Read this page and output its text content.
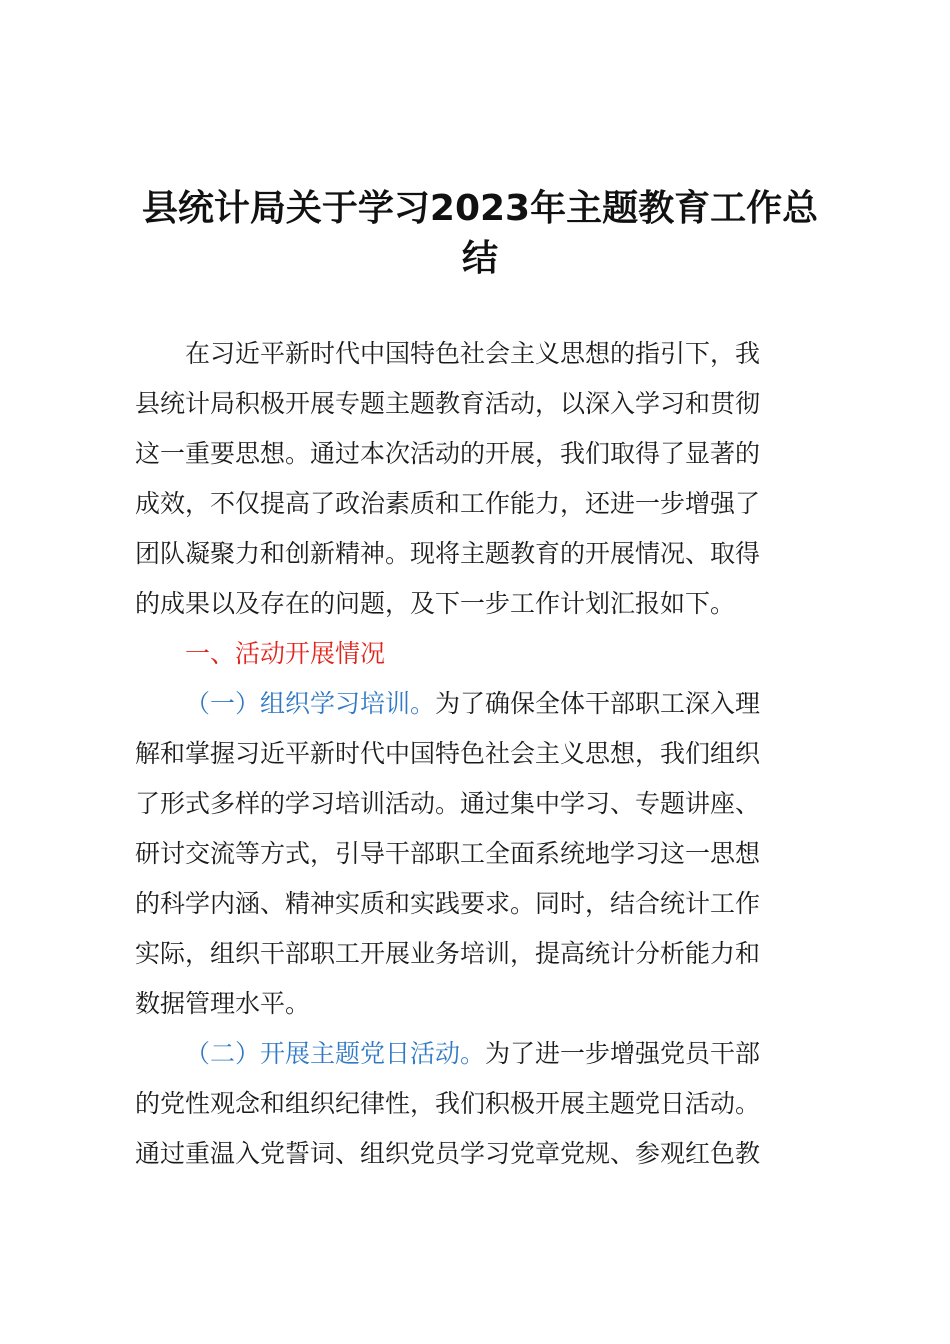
县统计局关于学习2023年主题教育工作总
结
在习近平新时代中国特色社会主义思想的指引下，我
县统计局积极开展专题主题教育活动，以深入学习和贯彻
这一重要思想。通过本次活动的开展，我们取得了显著的
成效，不仅提高了政治素质和工作能力，还进一步增强了
团队凝聚力和创新精神。现将主题教育的开展情况、取得
的成果以及存在的问题，及下一步工作计划汇报如下。
一、活动开展情况
（一）组织学习培训。为了确保全体干部职工深入理
解和掌握习近平新时代中国特色社会主义思想，我们组织
了形式多样的学习培训活动。通过集中学习、专题讲座、
研讨交流等方式，引导干部职工全面系统地学习这一思想
的科学内涵、精神实质和实践要求。同时，结合统计工作
实际，组织干部职工开展业务培训，提高统计分析能力和
数据管理水平。
（二）开展主题党日活动。为了进一步增强党员干部
的党性观念和组织纪律性，我们积极开展主题党日活动。
通过重温入党誓词、组织党员学习党章党规、参观红色教
